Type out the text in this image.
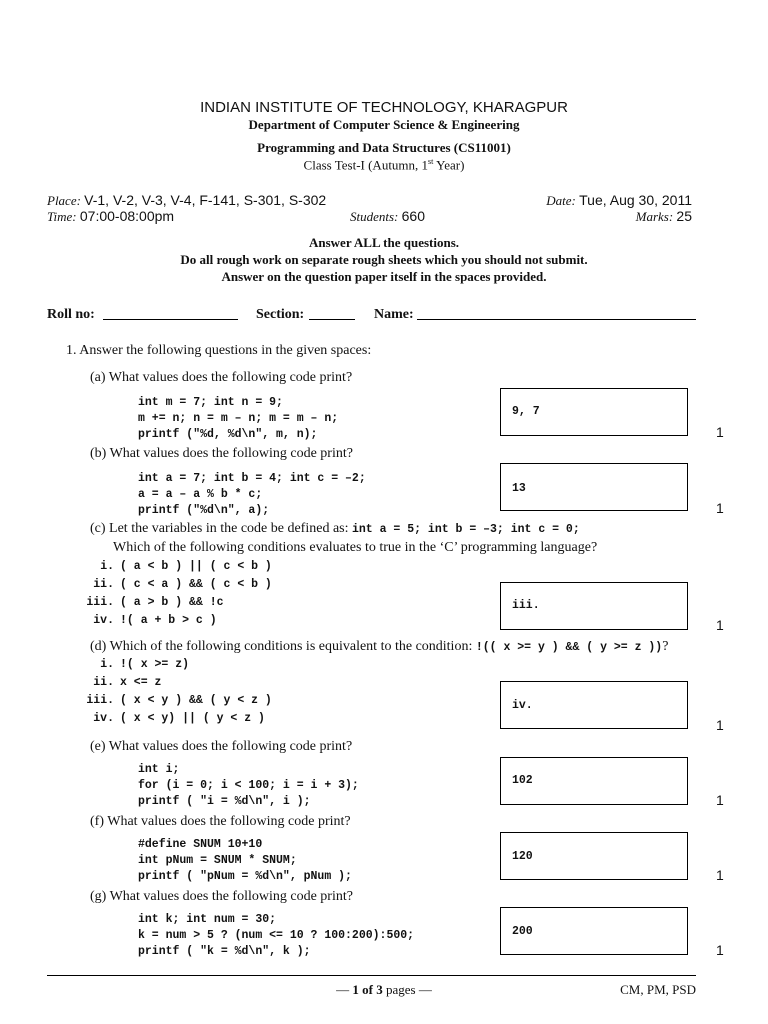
INDIAN INSTITUTE OF TECHNOLOGY, KHARAGPUR
Department of Computer Science & Engineering
Programming and Data Structures (CS11001)
Class Test-I (Autumn, 1st Year)
Place: V-1, V-2, V-3, V-4, F-141, S-301, S-302	Date: Tue, Aug 30, 2011
Time: 07:00-08:00pm	Students: 660	Marks: 25
Answer ALL the questions.
Do all rough work on separate rough sheets which you should not submit.
Answer on the question paper itself in the spaces provided.
Roll no:	Section:	Name:
1. Answer the following questions in the given spaces:
(a) What values does the following code print?
int m = 7; int n = 9;
m += n; n = m – n; m = m – n;
printf ("%d, %d\n", m, n);
9, 7
1
(b) What values does the following code print?
int a = 7; int b = 4; int c = –2;
a = a – a % b * c;
printf ("%d\n", a);
13
1
(c) Let the variables in the code be defined as: int a = 5; int b = –3; int c = 0;
Which of the following conditions evaluates to true in the ‘C’ programming language?
i. ( a < b ) || ( c < b )
ii. ( c < a ) && ( c < b )
iii. ( a > b ) && !c
iv. !( a + b > c )
iii.
1
(d) Which of the following conditions is equivalent to the condition: !(( x >= y ) && ( y >= z ))?
i. !( x >= z)
ii. x <= z
iii. ( x < y ) && ( y < z )
iv. ( x < y) || ( y < z )
iv.
1
(e) What values does the following code print?
int i;
for (i = 0; i < 100; i = i + 3);
printf ( "i = %d\n", i );
102
1
(f) What values does the following code print?
#define SNUM 10+10
int pNum = SNUM * SNUM;
printf ( "pNum = %d\n", pNum );
120
1
(g) What values does the following code print?
int k; int num = 30;
k = num > 5 ? (num <= 10 ? 100:200):500;
printf ( "k = %d\n", k );
200
1
— 1 of 3 pages —	CM, PM, PSD
